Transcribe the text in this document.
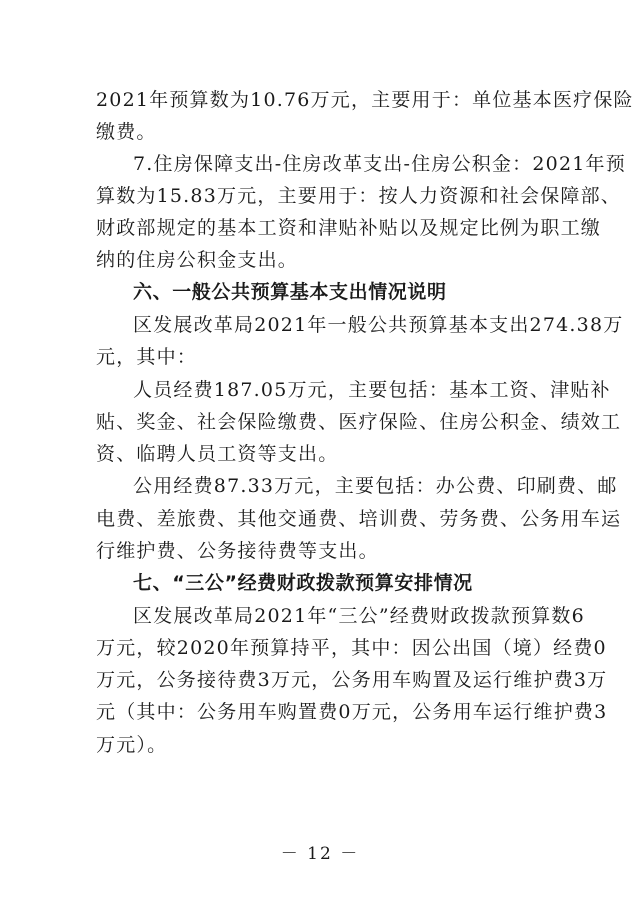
2021年预算数为10.76万元，主要用于：单位基本医疗保险
缴费。
7.住房保障支出-住房改革支出-住房公积金：2021年预
算数为15.83万元，主要用于：按人力资源和社会保障部、
财政部规定的基本工资和津贴补贴以及规定比例为职工缴
纳的住房公积金支出。
六、一般公共预算基本支出情况说明
区发展改革局2021年一般公共预算基本支出274.38万
元，其中：
人员经费187.05万元，主要包括：基本工资、津贴补
贴、奖金、社会保险缴费、医疗保险、住房公积金、绩效工
资、临聘人员工资等支出。
公用经费87.33万元，主要包括：办公费、印刷费、邮
电费、差旅费、其他交通费、培训费、劳务费、公务用车运
行维护费、公务接待费等支出。
七、“三公”经费财政拨款预算安排情况
区发展改革局2021年“三公”经费财政拨款预算数6
万元，较2020年预算持平，其中：因公出国（境）经费0
万元，公务接待费3万元，公务用车购置及运行维护费3万
元（其中：公务用车购置费0万元，公务用车运行维护费3
万元）。
－ 12 －
